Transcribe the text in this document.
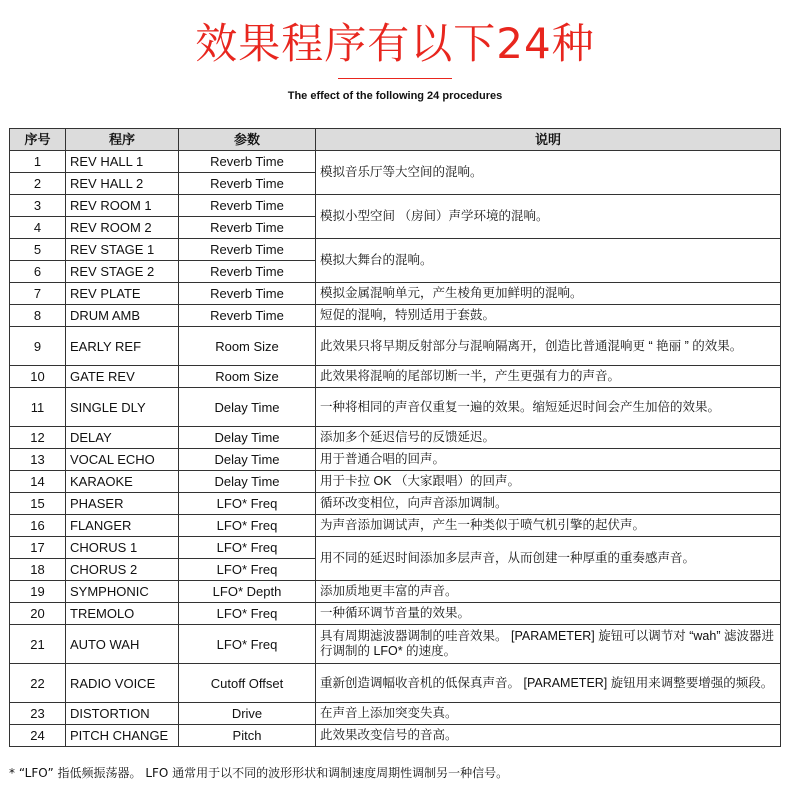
效果程序有以下24种
The effect of the following 24 procedures
序号	程序	参数	说明
1	REV HALL 1	Reverb Time	模拟音乐厅等大空间的混响。
2	REV HALL 2	Reverb Time	
3	REV ROOM 1	Reverb Time	模拟小型空间 （房间）声学环境的混响。
4	REV ROOM 2	Reverb Time	
5	REV STAGE 1	Reverb Time	模拟大舞台的混响。
6	REV STAGE 2	Reverb Time	
7	REV PLATE	Reverb Time	模拟金属混响单元，产生棱角更加鲜明的混响。
8	DRUM AMB	Reverb Time	短促的混响，特别适用于套鼓。
9	EARLY REF	Room Size	此效果只将早期反射部分与混响隔离开，创造比普通混响更 “ 艳丽 ” 的效果。
10	GATE REV	Room Size	此效果将混响的尾部切断一半，产生更强有力的声音。
11	SINGLE DLY	Delay Time	一种将相同的声音仅重复一遍的效果。缩短延迟时间会产生加倍的效果。
12	DELAY	Delay Time	添加多个延迟信号的反馈延迟。
13	VOCAL ECHO	Delay Time	用于普通合唱的回声。
14	KARAOKE	Delay Time	用于卡拉 OK （大家跟唱）的回声。
15	PHASER	LFO* Freq	循环改变相位，向声音添加调制。
16	FLANGER	LFO* Freq	为声音添加调试声，产生一种类似于喷气机引擎的起伏声。
17	CHORUS 1	LFO* Freq	用不同的延迟时间添加多层声音，从而创建一种厚重的重奏感声音。
18	CHORUS 2	LFO* Freq	
19	SYMPHONIC	LFO* Depth	添加质地更丰富的声音。
20	TREMOLO	LFO* Freq	一种循环调节音量的效果。
21	AUTO WAH	LFO* Freq	具有周期滤波器调制的哇音效果。 [PARAMETER] 旋钮可以调节对 “wah” 滤波器进行调制的 LFO* 的速度。
22	RADIO VOICE	Cutoff Offset	重新创造调幅收音机的低保真声音。 [PARAMETER] 旋钮用来调整要增强的频段。
23	DISTORTION	Drive	在声音上添加突变失真。
24	PITCH CHANGE	Pitch	此效果改变信号的音高。
* “LFO” 指低频振荡器。 LFO 通常用于以不同的波形形状和调制速度周期性调制另一种信号。
